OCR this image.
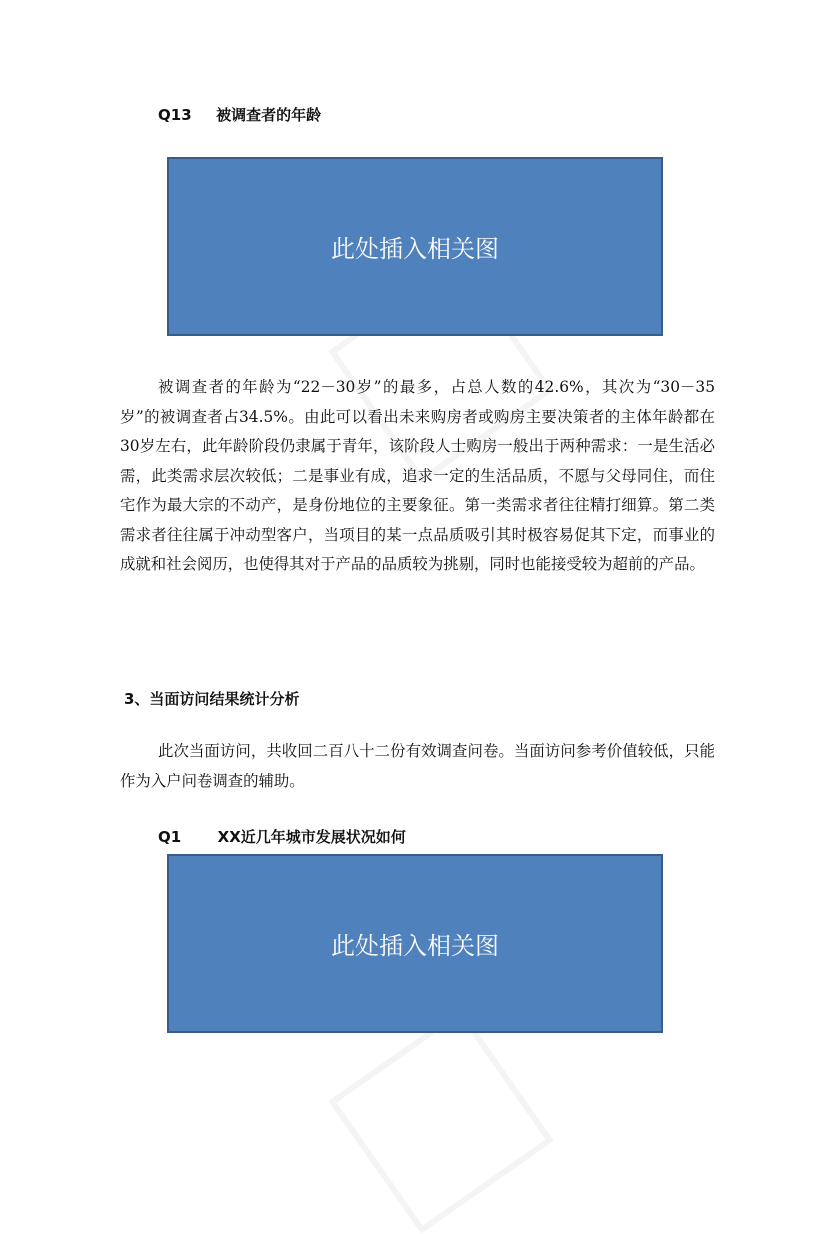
Q13 被调查者的年龄
此处插入相关图
被调查者的年龄为“22－30岁”的最多，占总人数的42.6%，其次为“30－35岁”的被调查者占34.5%。由此可以看出未来购房者或购房主要决策者的主体年龄都在30岁左右，此年龄阶段仍隶属于青年，该阶段人士购房一般出于两种需求：一是生活必需，此类需求层次较低；二是事业有成，追求一定的生活品质，不愿与父母同住，而住宅作为最大宗的不动产，是身份地位的主要象征。第一类需求者往往精打细算。第二类需求者往往属于冲动型客户，当项目的某一点品质吸引其时极容易促其下定，而事业的成就和社会阅历，也使得其对于产品的品质较为挑剔，同时也能接受较为超前的产品。
3、当面访问结果统计分析
此次当面访问，共收回二百八十二份有效调查问卷。当面访问参考价值较低，只能作为入户问卷调查的辅助。
Q1 XX近几年城市发展状况如何
此处插入相关图
